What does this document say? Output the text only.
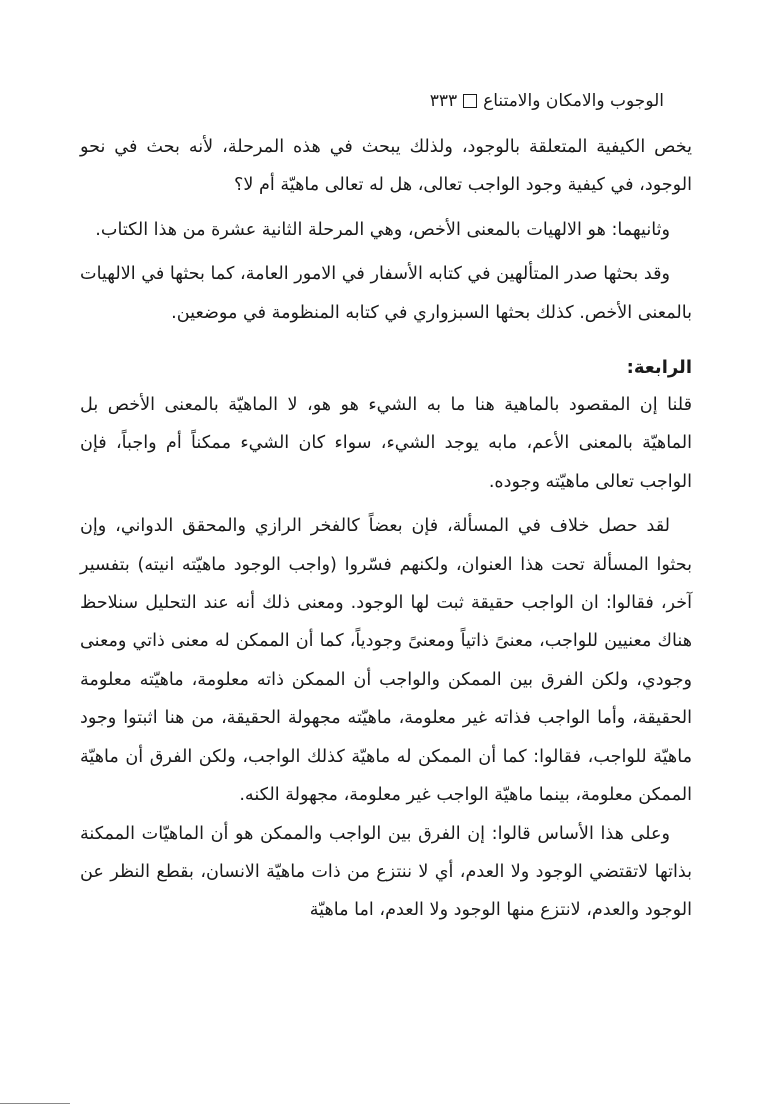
الوجوب والامكان والامتناع
٣٣٣

يخص الكيفية المتعلقة بالوجود، ولذلك يبحث في هذه المرحلة، لأنه بحث في نحو الوجود، في كيفية وجود الواجب تعالى، هل له تعالى ماهيّة أم لا؟

وثانيهما: هو الالهيات بالمعنى الأخص، وهي المرحلة الثانية عشرة من هذا الكتاب.

وقد بحثها صدر المتألهين في كتابه الأسفار في الامور العامة، كما بحثها في الالهيات بالمعنى الأخص. كذلك بحثها السبزواري في كتابه المنظومة في موضعين.

الرابعة:

قلنا إن المقصود بالماهية هنا ما به الشيء هو هو، لا الماهيّة بالمعنى الأخص بل الماهيّة بالمعنى الأعم، مابه يوجد الشيء، سواء كان الشيء ممكناً أم واجباً، فإن الواجب تعالى ماهيّته وجوده.

لقد حصل خلاف في المسألة، فإن بعضاً كالفخر الرازي والمحقق الدواني، وإن بحثوا المسألة تحت هذا العنوان، ولكنهم فسّروا (واجب الوجود ماهيّته انيته) بتفسير آخر، فقالوا: ان الواجب حقيقة ثبت لها الوجود. ومعنى ذلك أنه عند التحليل سنلاحظ هناك معنيين للواجب، معنىً ذاتياً ومعنىً وجودياً، كما أن الممكن له معنى ذاتي ومعنى وجودي، ولكن الفرق بين الممكن والواجب أن الممكن ذاته معلومة، ماهيّته معلومة الحقيقة، وأما الواجب فذاته غير معلومة، ماهيّته مجهولة الحقيقة، من هنا اثبتوا وجود ماهيّة للواجب، فقالوا: كما أن الممكن له ماهيّة كذلك الواجب، ولكن الفرق أن ماهيّة الممكن معلومة، بينما ماهيّة الواجب غير معلومة، مجهولة الكنه.

وعلى هذا الأساس قالوا: إن الفرق بين الواجب والممكن هو أن الماهيّات الممكنة بذاتها لاتقتضي الوجود ولا العدم، أي لا ننتزع من ذات ماهيّة الانسان، بقطع النظر عن الوجود والعدم، لانتزع منها الوجود ولا العدم، اما ماهيّة
